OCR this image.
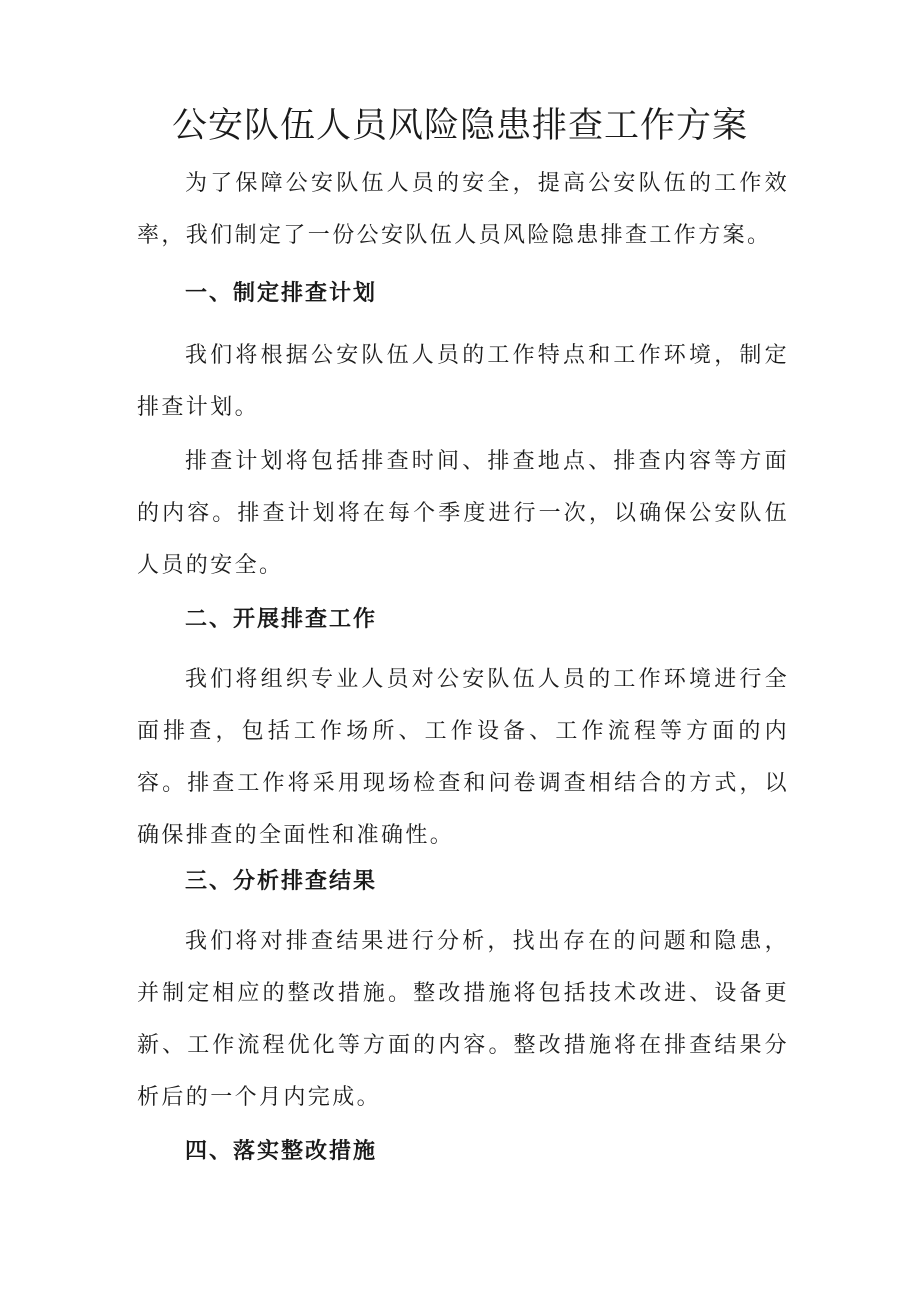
公安队伍人员风险隐患排查工作方案
为了保障公安队伍人员的安全，提高公安队伍的工作效率，我们制定了一份公安队伍人员风险隐患排查工作方案。
一、制定排查计划
我们将根据公安队伍人员的工作特点和工作环境，制定排查计划。
排查计划将包括排查时间、排查地点、排查内容等方面的内容。排查计划将在每个季度进行一次，以确保公安队伍人员的安全。
二、开展排查工作
我们将组织专业人员对公安队伍人员的工作环境进行全面排查，包括工作场所、工作设备、工作流程等方面的内容。排查工作将采用现场检查和问卷调查相结合的方式，以确保排查的全面性和准确性。
三、分析排查结果
我们将对排查结果进行分析，找出存在的问题和隐患，并制定相应的整改措施。整改措施将包括技术改进、设备更新、工作流程优化等方面的内容。整改措施将在排查结果分析后的一个月内完成。
四、落实整改措施
